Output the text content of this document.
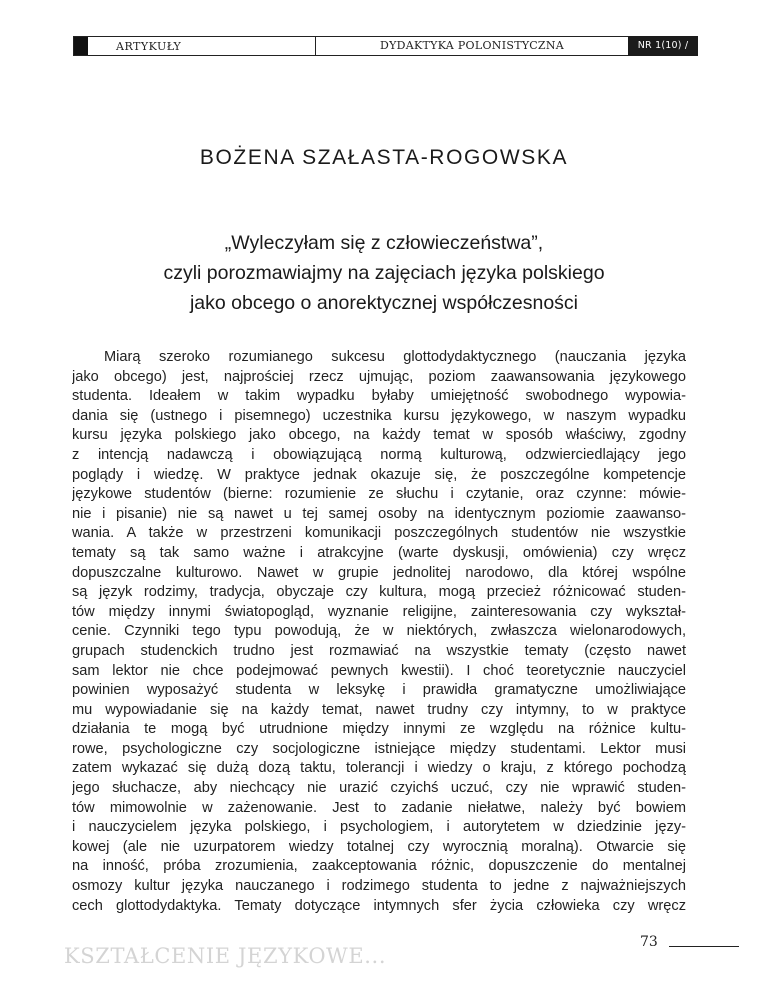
ARTYKUŁY	DYDAKTYKA POLONISTYCZNA	NR 1(10) / 2015
BOŻENA SZAŁASTA-ROGOWSKA
„Wyleczyłam się z człowieczeństwa”,
czyli porozmawiajmy na zajęciach języka polskiego
jako obcego o anorektycznej współczesności
Miarą szeroko rozumianego sukcesu glottodydaktycznego (nauczania języka
jako obcego) jest, najprościej rzecz ujmując, poziom zaawansowania językowego
studenta. Ideałem w takim wypadku byłaby umiejętność swobodnego wypowia-
dania się (ustnego i pisemnego) uczestnika kursu językowego, w naszym wypadku
kursu języka polskiego jako obcego, na każdy temat w sposób właściwy, zgodny
z intencją nadawczą i obowiązującą normą kulturową, odzwierciedlający jego
poglądy i wiedzę. W praktyce jednak okazuje się, że poszczególne kompetencje
językowe studentów (bierne: rozumienie ze słuchu i czytanie, oraz czynne: mówie-
nie i pisanie) nie są nawet u tej samej osoby na identycznym poziomie zaawanso-
wania. A także w przestrzeni komunikacji poszczególnych studentów nie wszystkie
tematy są tak samo ważne i atrakcyjne (warte dyskusji, omówienia) czy wręcz
dopuszczalne kulturowo. Nawet w grupie jednolitej narodowo, dla której wspólne
są język rodzimy, tradycja, obyczaje czy kultura, mogą przecież różnicować studen-
tów między innymi światopogląd, wyznanie religijne, zainteresowania czy wykształ-
cenie. Czynniki tego typu powodują, że w niektórych, zwłaszcza wielonarodowych,
grupach studenckich trudno jest rozmawiać na wszystkie tematy (często nawet
sam lektor nie chce podejmować pewnych kwestii). I choć teoretycznie nauczyciel
powinien wyposażyć studenta w leksykę i prawidła gramatyczne umożliwiające
mu wypowiadanie się na każdy temat, nawet trudny czy intymny, to w praktyce
działania te mogą być utrudnione między innymi ze względu na różnice kultu-
rowe, psychologiczne czy socjologiczne istniejące między studentami. Lektor musi
zatem wykazać się dużą dozą taktu, tolerancji i wiedzy o kraju, z którego pochodzą
jego słuchacze, aby niechcący nie urazić czyichś uczuć, czy nie wprawić studen-
tów mimowolnie w zażenowanie. Jest to zadanie niełatwe, należy być bowiem
i nauczycielem języka polskiego, i psychologiem, i autorytetem w dziedzinie języ-
kowej (ale nie uzurpatorem wiedzy totalnej czy wyrocznią moralną). Otwarcie się
na inność, próba zrozumienia, zaakceptowania różnic, dopuszczenie do mentalnej
osmozy kultur języka nauczanego i rodzimego studenta to jedne z najważniejszych
cech glottodydaktyka. Tematy dotyczące intymnych sfer życia człowieka czy wręcz
KSZTAŁCENIE JĘZYKOWE...
73
